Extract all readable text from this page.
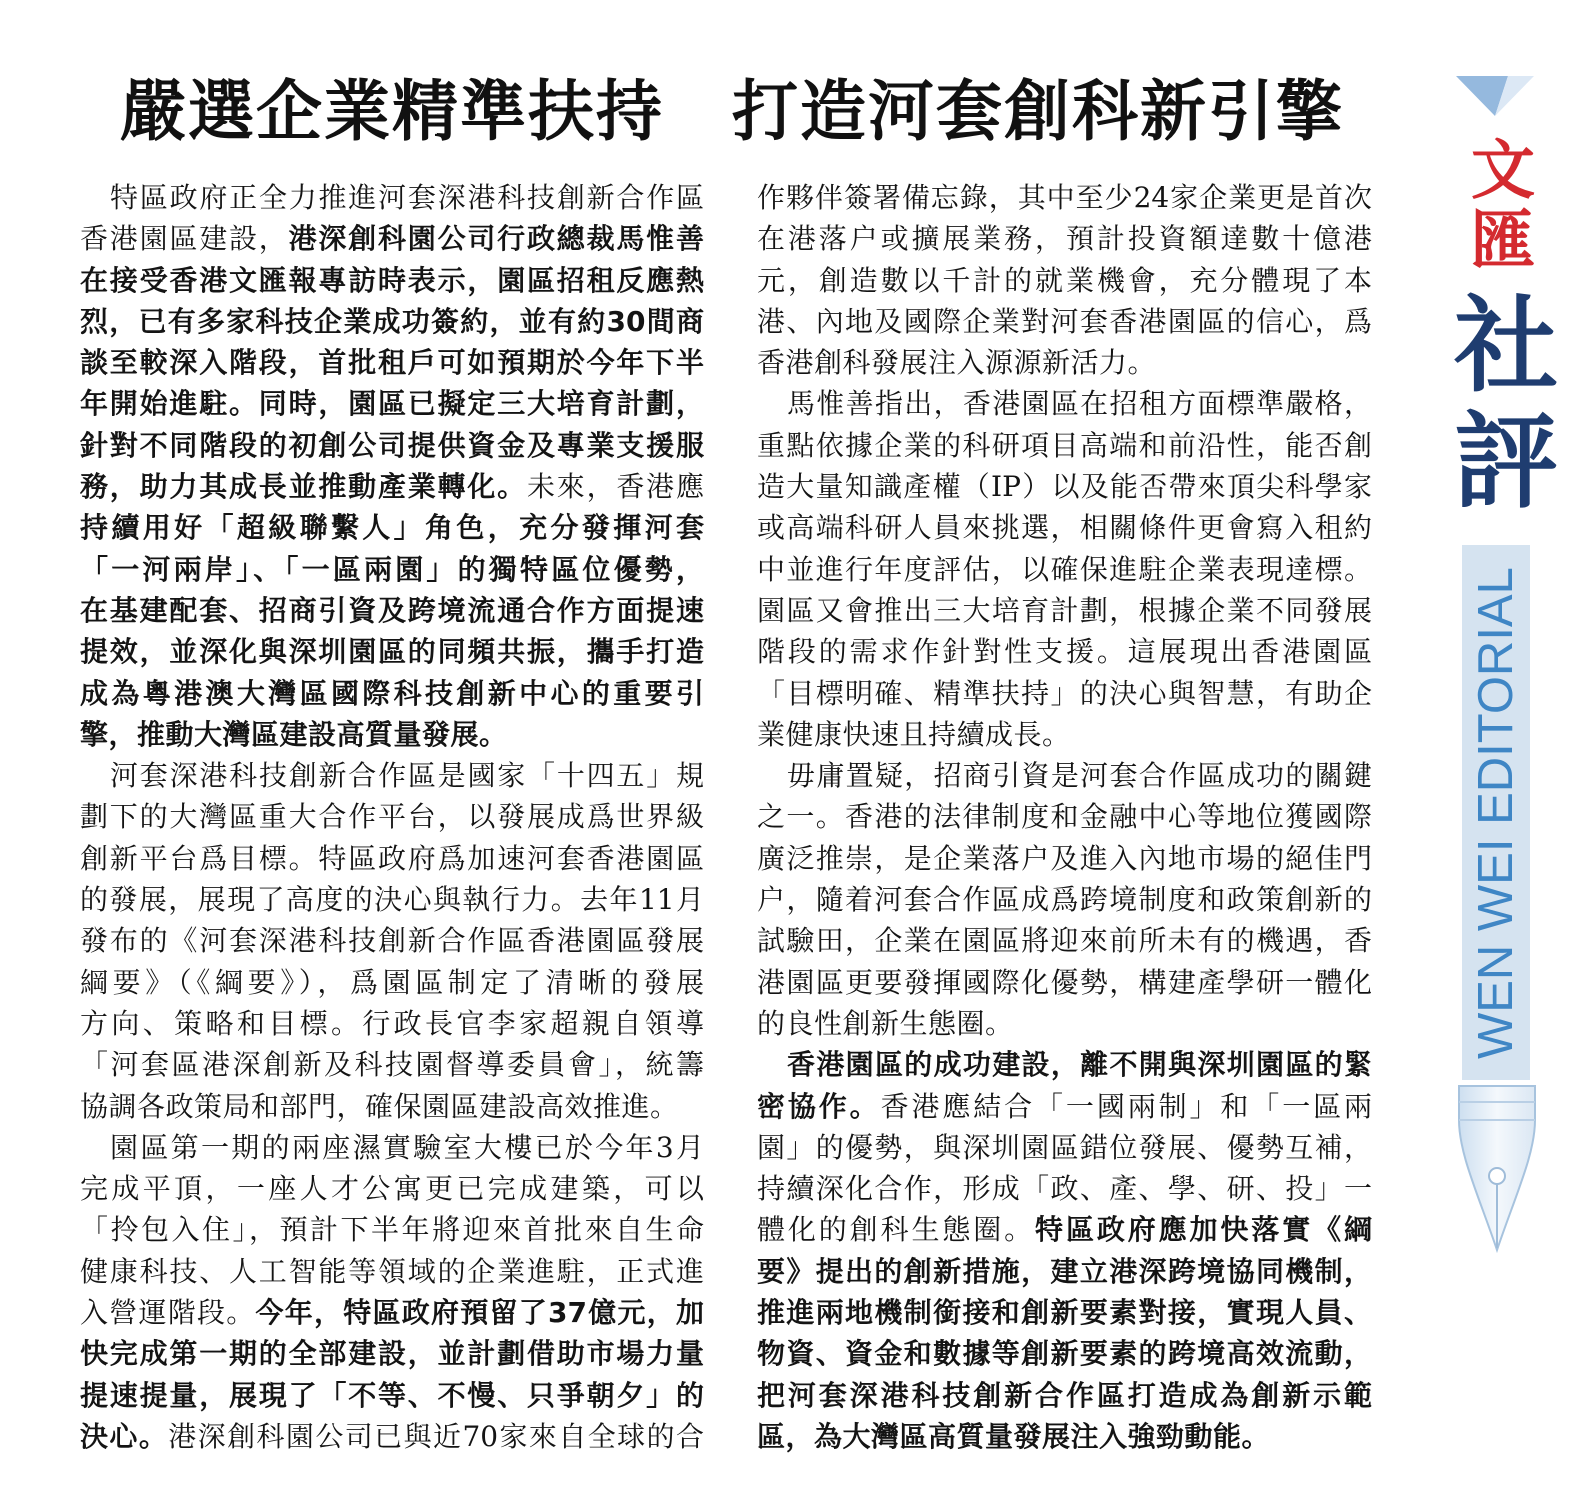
嚴選企業精準扶持　打造河套創科新引擎
特區政府正全力推進河套深港科技創新合作區
香港園區建設，港深創科園公司行政總裁馬惟善
在接受香港文匯報專訪時表示，園區招租反應熱
烈，已有多家科技企業成功簽約，並有約30間商
談至較深入階段，首批租戶可如預期於今年下半
年開始進駐。同時，園區已擬定三大培育計劃，
針對不同階段的初創公司提供資金及專業支援服
務，助力其成長並推動產業轉化。未來，香港應
持續用好「超級聯繫人」角色，充分發揮河套
「一河兩岸」、「一區兩園」的獨特區位優勢，
在基建配套、招商引資及跨境流通合作方面提速
提效，並深化與深圳園區的同頻共振，攜手打造
成為粵港澳大灣區國際科技創新中心的重要引
擎，推動大灣區建設高質量發展。
河套深港科技創新合作區是國家「十四五」規
劃下的大灣區重大合作平台，以發展成爲世界級
創新平台爲目標。特區政府爲加速河套香港園區
的發展，展現了高度的決心與執行力。去年11月
發布的《河套深港科技創新合作區香港園區發展
綱要》（《綱要》），爲園區制定了清晰的發展
方向、策略和目標。行政長官李家超親自領導
「河套區港深創新及科技園督導委員會」，統籌
協調各政策局和部門，確保園區建設高效推進。
園區第一期的兩座濕實驗室大樓已於今年3月
完成平頂，一座人才公寓更已完成建築，可以
「拎包入住」，預計下半年將迎來首批來自生命
健康科技、人工智能等領域的企業進駐，正式進
入營運階段。今年，特區政府預留了37億元，加
快完成第一期的全部建設，並計劃借助市場力量
提速提量，展現了「不等、不慢、只爭朝夕」的
決心。港深創科園公司已與近70家來自全球的合
作夥伴簽署備忘錄，其中至少24家企業更是首次
在港落户或擴展業務，預計投資額達數十億港
元，創造數以千計的就業機會，充分體現了本
港、內地及國際企業對河套香港園區的信心，爲
香港創科發展注入源源新活力。
馬惟善指出，香港園區在招租方面標準嚴格，
重點依據企業的科研項目高端和前沿性，能否創
造大量知識產權（IP）以及能否帶來頂尖科學家
或高端科研人員來挑選，相關條件更會寫入租約
中並進行年度評估，以確保進駐企業表現達標。
園區又會推出三大培育計劃，根據企業不同發展
階段的需求作針對性支援。這展現出香港園區
「目標明確、精準扶持」的決心與智慧，有助企
業健康快速且持續成長。
毋庸置疑，招商引資是河套合作區成功的關鍵
之一。香港的法律制度和金融中心等地位獲國際
廣泛推崇，是企業落户及進入內地市場的絕佳門
户，隨着河套合作區成爲跨境制度和政策創新的
試驗田，企業在園區將迎來前所未有的機遇，香
港園區更要發揮國際化優勢，構建產學研一體化
的良性創新生態圈。
香港園區的成功建設，離不開與深圳園區的緊
密協作。香港應結合「一國兩制」和「一區兩
園」的優勢，與深圳園區錯位發展、優勢互補，
持續深化合作，形成「政、產、學、研、投」一
體化的創科生態圈。特區政府應加快落實《綱
要》提出的創新措施，建立港深跨境協同機制，
推進兩地機制銜接和創新要素對接，實現人員、
物資、資金和數據等創新要素的跨境高效流動，
把河套深港科技創新合作區打造成為創新示範
區，為大灣區高質量發展注入強勁動能。
文匯
社評
WEN WEI EDITORIAL
